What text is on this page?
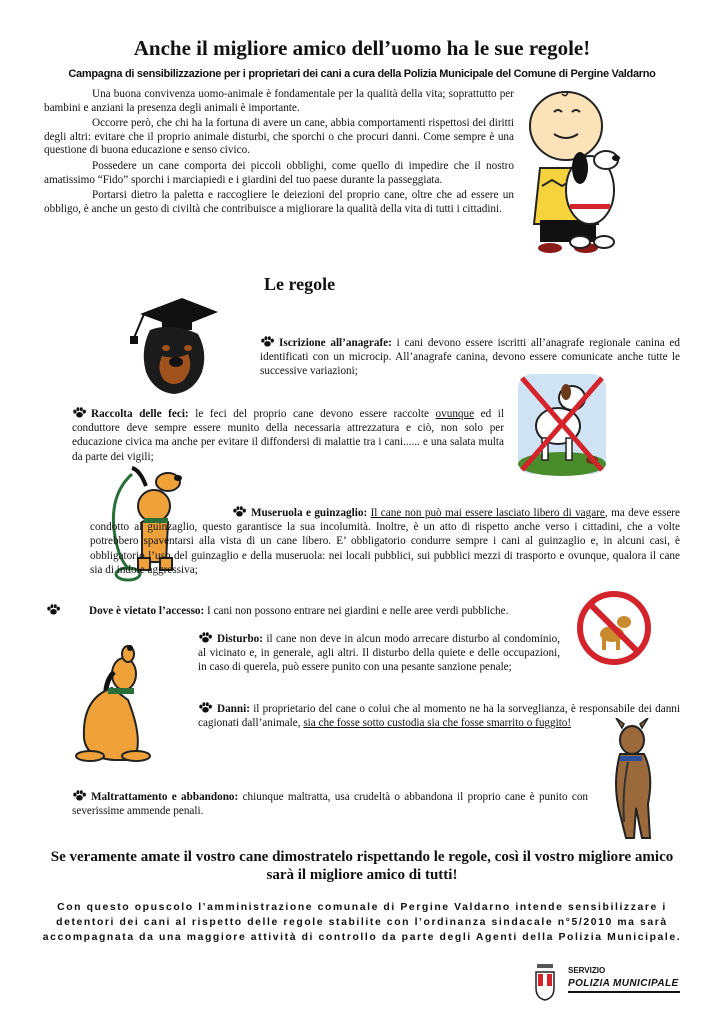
Anche il migliore amico dell’uomo ha le sue regole!
Campagna di sensibilizzazione per i proprietari dei cani a cura della Polizia Municipale del Comune di Pergine Valdarno

Una buona convivenza uomo-animale è fondamentale per la qualità della vita; soprattutto per bambini e anziani la presenza degli animali è importante.

Occorre però, che chi ha la fortuna di avere un cane, abbia comportamenti rispettosi dei diritti degli altri: evitare che il proprio animale disturbi, che sporchi o che procuri danni. Come sempre è una questione di buona educazione e senso civico.

Possedere un cane comporta dei piccoli obblighi, come quello di impedire che il nostro amatissimo “Fido” sporchi i marciapiedi e i giardini del tuo paese durante la passeggiata.

Portarsi dietro la paletta e raccogliere le deiezioni del proprio cane, oltre che ad essere un obbligo, è anche un gesto di civiltà che contribuisce a migliorare la qualità della vita di tutti i cittadini.

Le regole
Iscrizione all’anagrafe: i cani devono essere iscritti all’anagrafe regionale canina ed identificati con un microcip. All’anagrafe canina, devono essere comunicate anche tutte le successive variazioni;
Raccolta delle feci: le feci del proprio cane devono essere raccolte ovunque ed il conduttore deve sempre essere munito della necessaria attrezzatura e ciò, non solo per educazione civica ma anche per evitare il diffondersi di malattie tra i cani...... e una salata multa da parte dei vigili;
Museruola e guinzaglio: Il cane non può mai essere lasciato libero di vagare, ma deve essere condotto al guinzaglio, questo garantisce la sua incolumità. Inoltre, è un atto di rispetto anche verso i cittadini, che a volte potrebbero spaventarsi alla vista di un cane libero. E’ obbligatorio condurre sempre i cani al guinzaglio e, in alcuni casi, è obbligatorio l’uso del guinzaglio e della museruola: nei locali pubblici, sui pubblici mezzi di trasporto e ovunque, qualora il cane sia di indole aggressiva;
Dove è vietato l’accesso: I cani non possono entrare nei giardini e nelle aree verdi pubbliche.
Disturbo: il cane non deve in alcun modo arrecare disturbo al condominio, al vicinato e, in generale, agli altri. Il disturbo della quiete e delle occupazioni, in caso di querela, può essere punito con una pesante sanzione penale;
Danni: il proprietario del cane o colui che al momento ne ha la sorveglianza, è responsabile dei danni cagionati dall’animale, sia che fosse sotto custodia sia che fosse smarrito o fuggito!
Maltrattamento e abbandono: chiunque maltratta, usa crudeltà o abbandona il proprio cane è punito con severissime ammende penali.
Se veramente amate il vostro cane dimostratelo rispettando le regole, così il vostro migliore amico sarà il migliore amico di tutti!
Con questo opuscolo l’amministrazione comunale di Pergine Valdarno intende sensibilizzare i detentori dei cani al rispetto delle regole stabilite con l’ordinanza sindacale n°5/2010 ma sarà accompagnata da una maggiore attività di controllo da parte degli Agenti della Polizia Municipale.
SERVIZIO
POLIZIA MUNICIPALE
